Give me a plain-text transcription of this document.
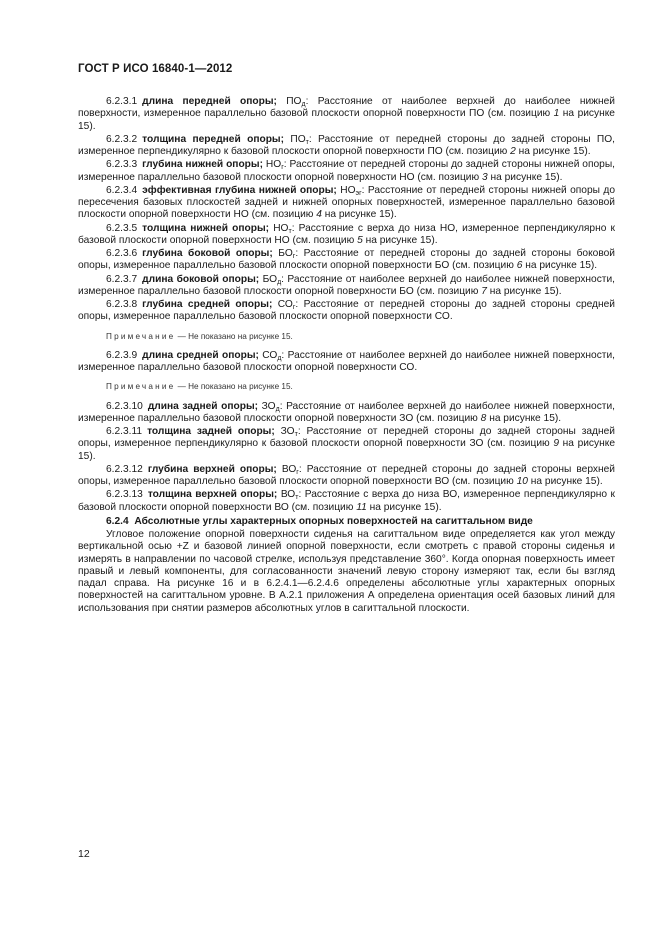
ГОСТ Р ИСО 16840-1—2012

6.2.3.1 длина передней опоры; $ПО_д$: Расстояние от наиболее верхней до наиболее нижней поверхности, измеренное параллельно базовой плоскости опорной поверхности ПО (см. позицию 1 на рисунке 15).

6.2.3.2 толщина передней опоры; $ПО_т$: Расстояние от передней стороны до задней стороны ПО, измеренное перпендикулярно к базовой плоскости опорной поверхности ПО (см. позицию 2 на рисунке 15).

6.2.3.3 глубина нижней опоры; $НО_г$: Расстояние от передней стороны до задней стороны нижней опоры, измеренное параллельно базовой плоскости опорной поверхности НО (см. позицию 3 на рисунке 15).

6.2.3.4 эффективная глубина нижней опоры; $НО_{эг}$: Расстояние от передней стороны нижней опоры до пересечения базовых плоскостей задней и нижней опорных поверхностей, измеренное параллельно базовой плоскости опорной поверхности НО (см. позицию 4 на рисунке 15).

6.2.3.5 толщина нижней опоры; $НО_т$: Расстояние с верха до низа НО, измеренное перпендикулярно к базовой плоскости опорной поверхности НО (см. позицию 5 на рисунке 15).

6.2.3.6 глубина боковой опоры; $БО_г$: Расстояние от передней стороны до задней стороны боковой опоры, измеренное параллельно базовой плоскости опорной поверхности БО (см. позицию 6 на рисунке 15).

6.2.3.7 длина боковой опоры; $БО_д$: Расстояние от наиболее верхней до наиболее нижней поверхности, измеренное параллельно базовой плоскости опорной поверхности БО (см. позицию 7 на рисунке 15).

6.2.3.8 глубина средней опоры; $СО_г$: Расстояние от передней стороны до задней стороны средней опоры, измеренное параллельно базовой плоскости опорной поверхности СО.

Примечание — Не показано на рисунке 15.

6.2.3.9 длина средней опоры; $СО_д$: Расстояние от наиболее верхней до наиболее нижней поверхности, измеренное параллельно базовой плоскости опорной поверхности СО.

Примечание — Не показано на рисунке 15.

6.2.3.10 длина задней опоры; $ЗО_д$: Расстояние от наиболее верхней до наиболее нижней поверхности, измеренное параллельно базовой плоскости опорной поверхности ЗО (см. позицию 8 на рисунке 15).

6.2.3.11 толщина задней опоры; $ЗО_т$: Расстояние от передней стороны до задней стороны задней опоры, измеренное перпендикулярно к базовой плоскости опорной поверхности ЗО (см. позицию 9 на рисунке 15).

6.2.3.12 глубина верхней опоры; $ВО_г$: Расстояние от передней стороны до задней стороны верхней опоры, измеренное параллельно базовой плоскости опорной поверхности ВО (см. позицию 10 на рисунке 15).

6.2.3.13 толщина верхней опоры; $ВО_т$: Расстояние с верха до низа ВО, измеренное перпендикулярно к базовой плоскости опорной поверхности ВО (см. позицию 11 на рисунке 15).

6.2.4 Абсолютные углы характерных опорных поверхностей на сагиттальном виде

Угловое положение опорной поверхности сиденья на сагиттальном виде определяется как угол между вертикальной осью +Z и базовой линией опорной поверхности, если смотреть с правой стороны сиденья и измерять в направлении по часовой стрелке, используя представление 360°. Когда опорная поверхность имеет правый и левый компоненты, для согласованности значений левую сторону измеряют так, если бы взгляд падал справа. На рисунке 16 и в 6.2.4.1—6.2.4.6 определены абсолютные углы характерных опорных поверхностей на сагиттальном уровне. В А.2.1 приложения А определена ориентация осей базовых линий для использования при снятии размеров абсолютных углов в сагиттальной плоскости.

12
